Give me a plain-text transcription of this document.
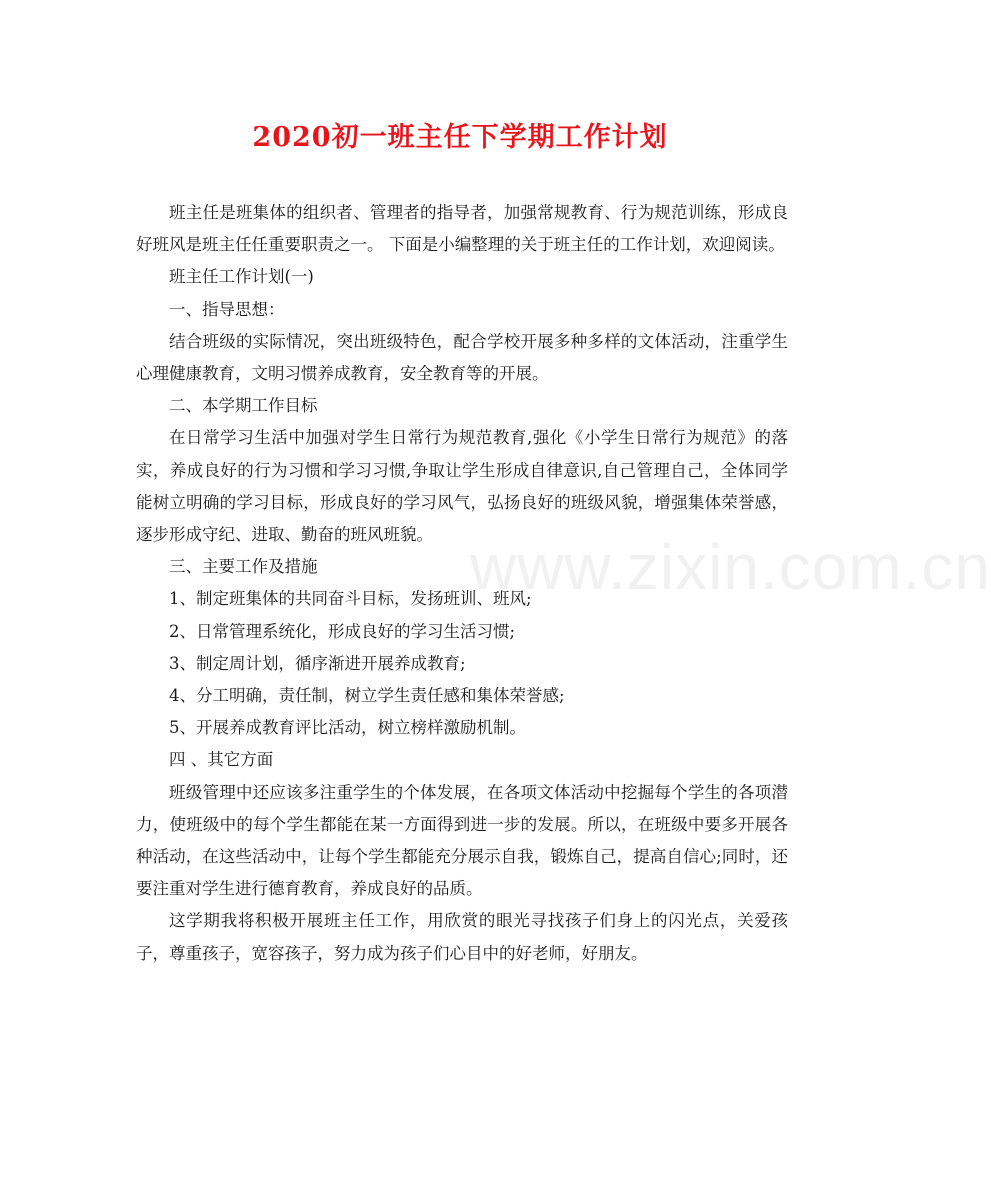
2020初一班主任下学期工作计划

班主任是班集体的组织者、管理者的指导者，加强常规教育、行为规范训练，形成良好班风是班主任任重要职责之一。 下面是小编整理的关于班主任的工作计划，欢迎阅读。

班主任工作计划(一)

一、指导思想：

结合班级的实际情况，突出班级特色，配合学校开展多种多样的文体活动，注重学生心理健康教育，文明习惯养成教育，安全教育等的开展。

二、本学期工作目标

在日常学习生活中加强对学生日常行为规范教育,强化《小学生日常行为规范》的落实，养成良好的行为习惯和学习习惯,争取让学生形成自律意识,自己管理自己，全体同学能树立明确的学习目标，形成良好的学习风气，弘扬良好的班级风貌，增强集体荣誉感，逐步形成守纪、进取、勤奋的班风班貌。

三、主要工作及措施

1、制定班集体的共同奋斗目标，发扬班训、班风;

2、日常管理系统化，形成良好的学习生活习惯;

3、制定周计划，循序渐进开展养成教育;

4、分工明确，责任制，树立学生责任感和集体荣誉感;

5、开展养成教育评比活动，树立榜样激励机制。

四 、其它方面

班级管理中还应该多注重学生的个体发展，在各项文体活动中挖掘每个学生的各项潜力，使班级中的每个学生都能在某一方面得到进一步的发展。所以，在班级中要多开展各种活动，在这些活动中，让每个学生都能充分展示自我，锻炼自己，提高自信心;同时，还要注重对学生进行德育教育，养成良好的品质。

这学期我将积极开展班主任工作，用欣赏的眼光寻找孩子们身上的闪光点，关爱孩子，尊重孩子，宽容孩子，努力成为孩子们心目中的好老师，好朋友。

www.zixin.com.cn
